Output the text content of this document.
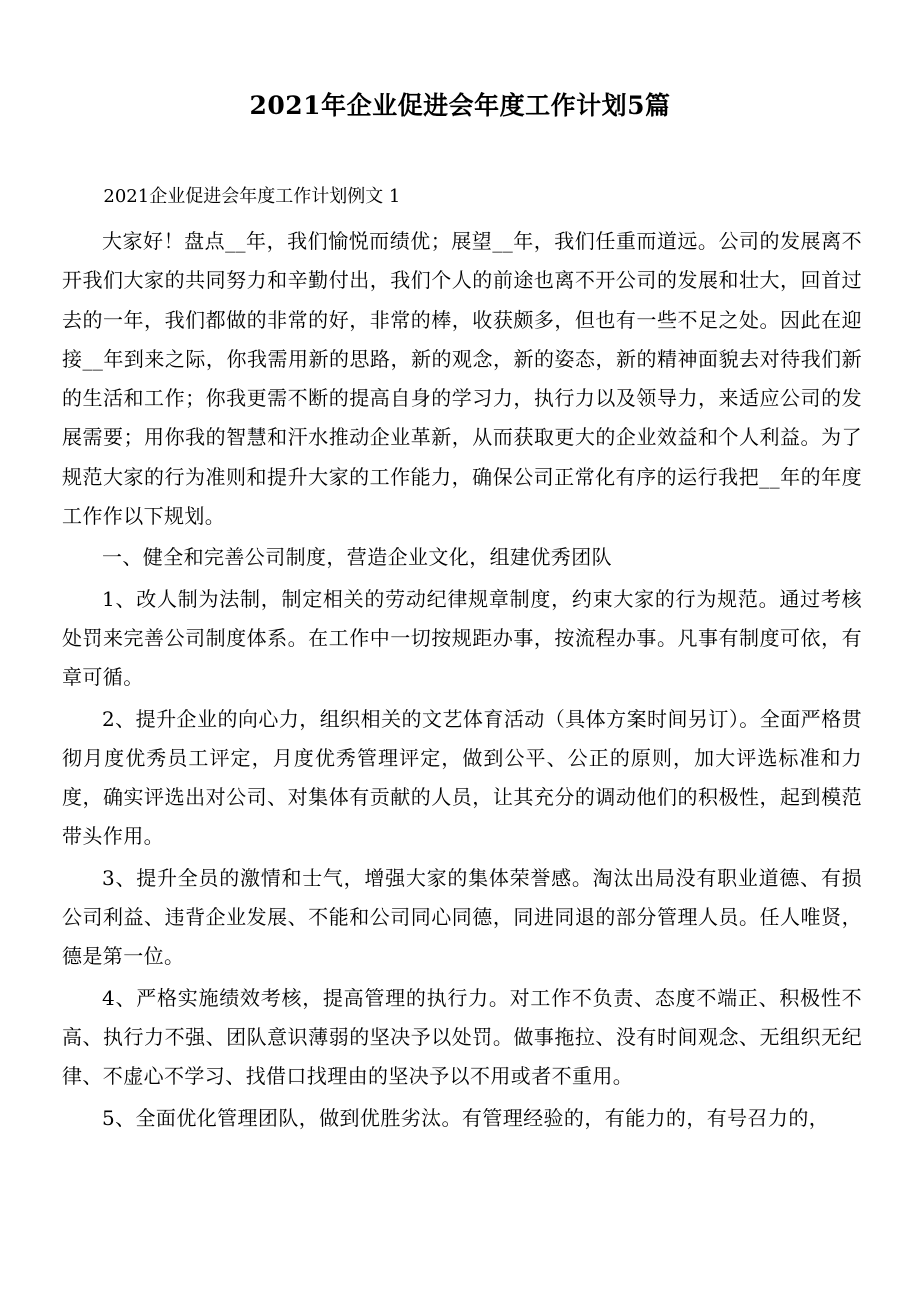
2021年企业促进会年度工作计划5篇

2021企业促进会年度工作计划例文 1

大家好！盘点__年，我们愉悦而绩优；展望__年，我们任重而道远。公司的发展离不开我们大家的共同努力和辛勤付出，我们个人的前途也离不开公司的发展和壮大，回首过去的一年，我们都做的非常的好，非常的棒，收获颇多，但也有一些不足之处。因此在迎接__年到来之际，你我需用新的思路，新的观念，新的姿态，新的精神面貌去对待我们新的生活和工作；你我更需不断的提高自身的学习力，执行力以及领导力，来适应公司的发展需要；用你我的智慧和汗水推动企业革新，从而获取更大的企业效益和个人利益。为了规范大家的行为准则和提升大家的工作能力，确保公司正常化有序的运行我把__年的年度工作作以下规划。

一、健全和完善公司制度，营造企业文化，组建优秀团队

1、改人制为法制，制定相关的劳动纪律规章制度，约束大家的行为规范。通过考核处罚来完善公司制度体系。在工作中一切按规距办事，按流程办事。凡事有制度可依，有章可循。

2、提升企业的向心力，组织相关的文艺体育活动（具体方案时间另订）。全面严格贯彻月度优秀员工评定，月度优秀管理评定，做到公平、公正的原则，加大评选标准和力度，确实评选出对公司、对集体有贡献的人员，让其充分的调动他们的积极性，起到模范带头作用。

3、提升全员的激情和士气，增强大家的集体荣誉感。淘汰出局没有职业道德、有损公司利益、违背企业发展、不能和公司同心同德，同进同退的部分管理人员。任人唯贤，德是第一位。

4、严格实施绩效考核，提高管理的执行力。对工作不负责、态度不端正、积极性不高、执行力不强、团队意识薄弱的坚决予以处罚。做事拖拉、没有时间观念、无组织无纪律、不虚心不学习、找借口找理由的坚决予以不用或者不重用。

5、全面优化管理团队，做到优胜劣汰。有管理经验的，有能力的，有号召力的，
